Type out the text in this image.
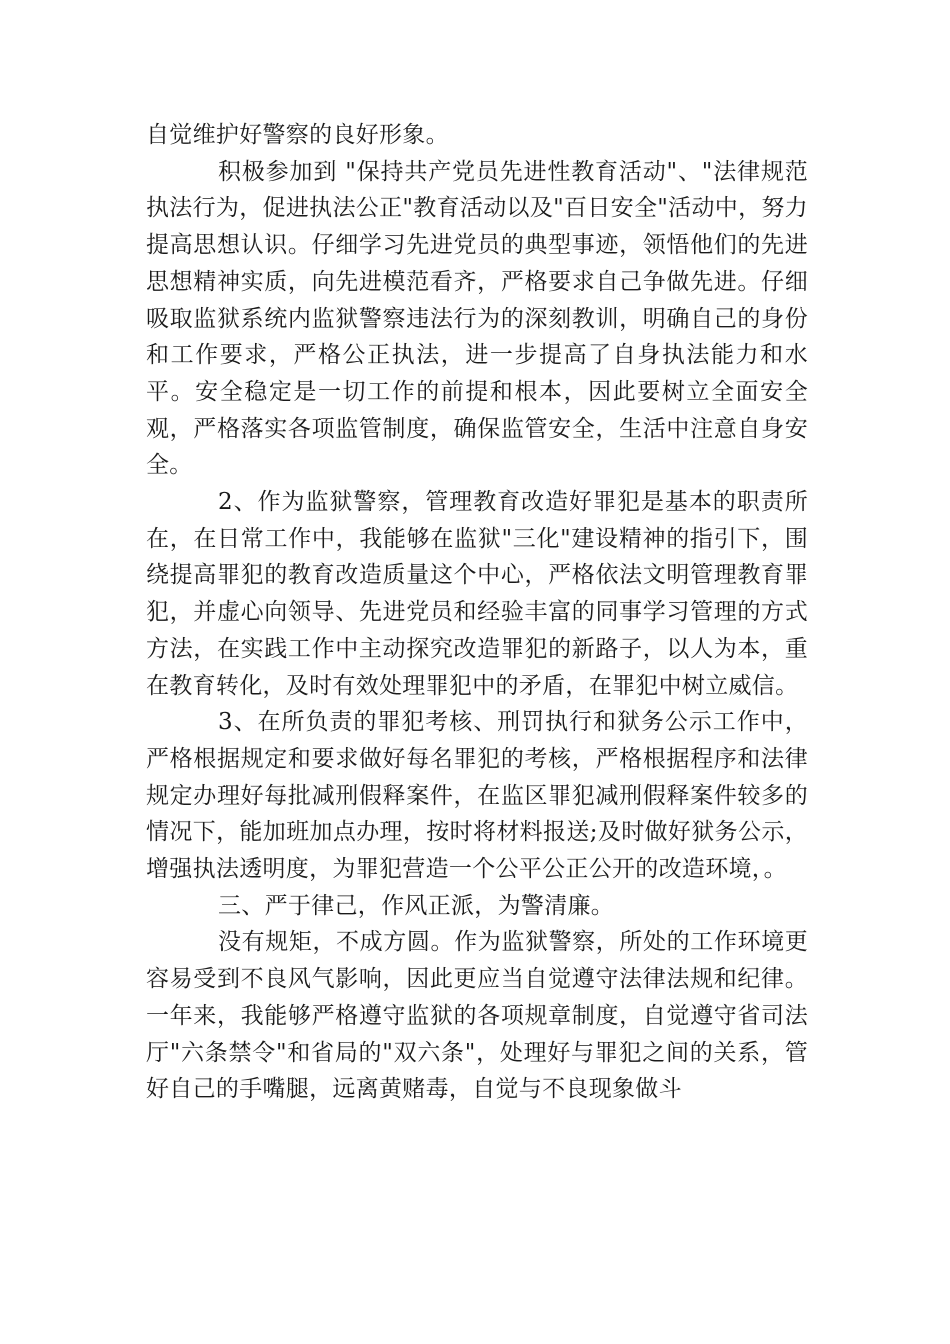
自觉维护好警察的良好形象。

积极参加到 "保持共产党员先进性教育活动"、"法律规范执法行为，促进执法公正"教育活动以及"百日安全"活动中，努力提高思想认识。仔细学习先进党员的典型事迹，领悟他们的先进思想精神实质，向先进模范看齐，严格要求自己争做先进。仔细吸取监狱系统内监狱警察违法行为的深刻教训，明确自己的身份和工作要求，严格公正执法，进一步提高了自身执法能力和水平。安全稳定是一切工作的前提和根本，因此要树立全面安全观，严格落实各项监管制度，确保监管安全，生活中注意自身安全。

2、作为监狱警察，管理教育改造好罪犯是基本的职责所在，在日常工作中，我能够在监狱"三化"建设精神的指引下，围绕提高罪犯的教育改造质量这个中心，严格依法文明管理教育罪犯，并虚心向领导、先进党员和经验丰富的同事学习管理的方式方法，在实践工作中主动探究改造罪犯的新路子，以人为本，重在教育转化，及时有效处理罪犯中的矛盾，在罪犯中树立威信。

3、在所负责的罪犯考核、刑罚执行和狱务公示工作中，严格根据规定和要求做好每名罪犯的考核，严格根据程序和法律规定办理好每批减刑假释案件，在监区罪犯减刑假释案件较多的情况下，能加班加点办理，按时将材料报送;及时做好狱务公示，增强执法透明度，为罪犯营造一个公平公正公开的改造环境，。

三、严于律己，作风正派，为警清廉。

没有规矩，不成方圆。作为监狱警察，所处的工作环境更容易受到不良风气影响，因此更应当自觉遵守法律法规和纪律。一年来，我能够严格遵守监狱的各项规章制度，自觉遵守省司法厅"六条禁令"和省局的"双六条"，处理好与罪犯之间的关系，管好自己的手嘴腿，远离黄赌毒，自觉与不良现象做斗
